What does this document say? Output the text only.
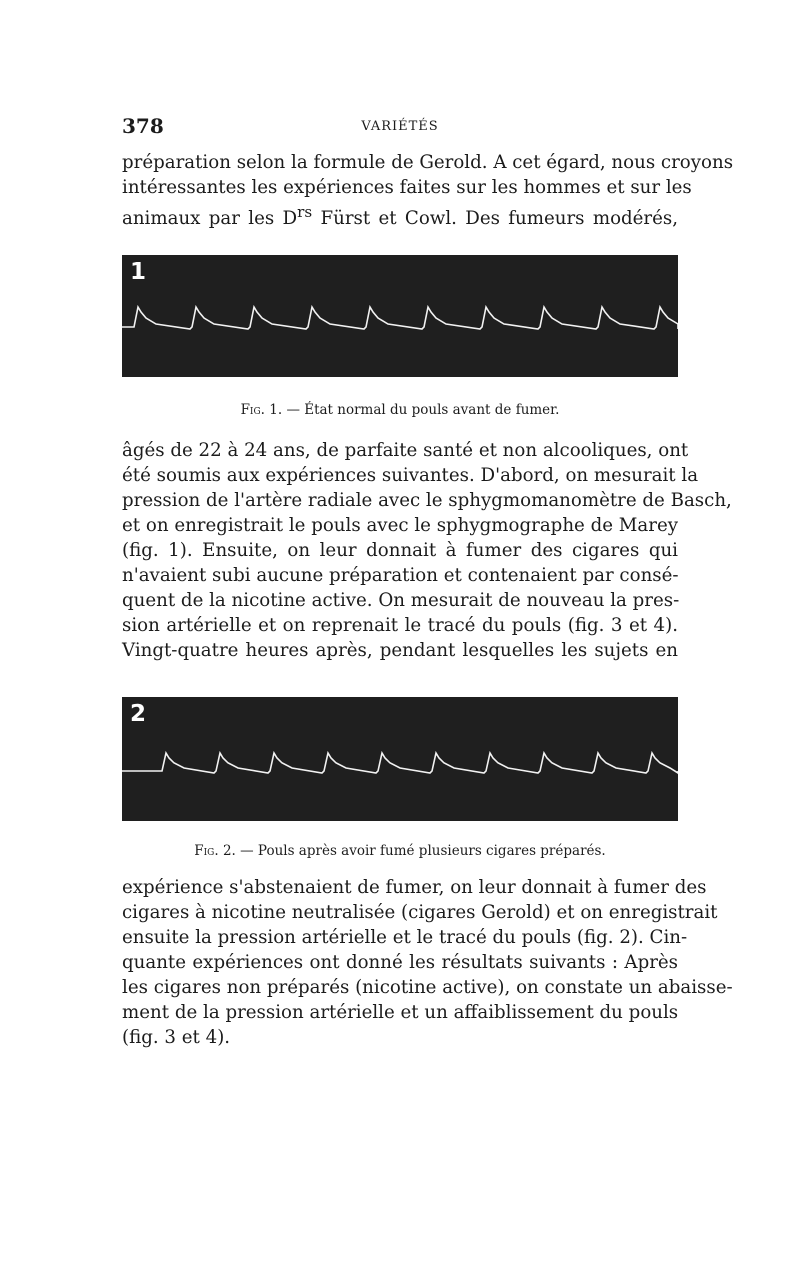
378	VARIÉTÉS
préparation selon la formule de Gerold. A cet égard, nous croyons
intéressantes les expériences faites sur les hommes et sur les
animaux par les $D^{rs}$ Fürst et Cowl. Des fumeurs modérés,
1
Fig. 1. — État normal du pouls avant de fumer.
âgés de 22 à 24 ans, de parfaite santé et non alcooliques, ont
été soumis aux expériences suivantes. D'abord, on mesurait la
pression de l'artère radiale avec le sphygmomanomètre de Basch,
et on enregistrait le pouls avec le sphygmographe de Marey
(fig. 1). Ensuite, on leur donnait à fumer des cigares qui
n'avaient subi aucune préparation et contenaient par consé-
quent de la nicotine active. On mesurait de nouveau la pres-
sion artérielle et on reprenait le tracé du pouls (fig. 3 et 4).
Vingt-quatre heures après, pendant lesquelles les sujets en
2
Fig. 2. — Pouls après avoir fumé plusieurs cigares préparés.
expérience s'abstenaient de fumer, on leur donnait à fumer des
cigares à nicotine neutralisée (cigares Gerold) et on enregistrait
ensuite la pression artérielle et le tracé du pouls (fig. 2). Cin-
quante expériences ont donné les résultats suivants : Après
les cigares non préparés (nicotine active), on constate un abaisse-
ment de la pression artérielle et un affaiblissement du pouls
(fig. 3 et 4).
